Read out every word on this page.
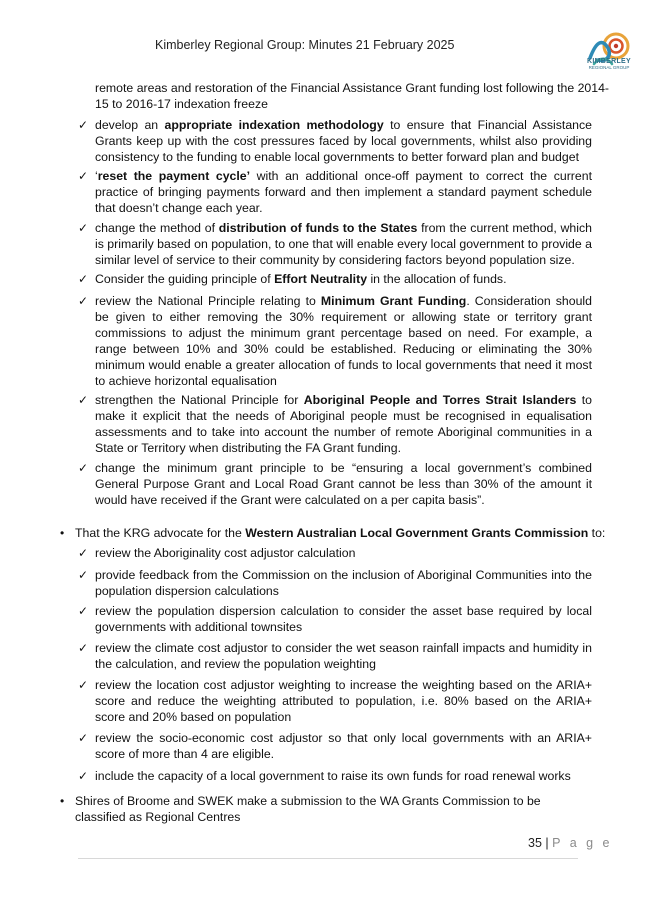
Kimberley Regional Group: Minutes 21 February 2025
KIMBERLEY
REGIONAL GROUP
remote areas and restoration of the Financial Assistance Grant funding lost following the 2014-
15 to 2016-17 indexation freeze
✓ develop an appropriate indexation methodology to ensure that Financial Assistance Grants keep up with the cost pressures faced by local governments, whilst also providing consistency to the funding to enable local governments to better forward plan and budget
✓ ‘reset the payment cycle’ with an additional once-off payment to correct the current practice of bringing payments forward and then implement a standard payment schedule that doesn’t change each year.
✓ change the method of distribution of funds to the States from the current method, which is primarily based on population, to one that will enable every local government to provide a similar level of service to their community by considering factors beyond population size.
✓ Consider the guiding principle of Effort Neutrality in the allocation of funds.
✓ review the National Principle relating to Minimum Grant Funding. Consideration should be given to either removing the 30% requirement or allowing state or territory grant commissions to adjust the minimum grant percentage based on need. For example, a range between 10% and 30% could be established. Reducing or eliminating the 30% minimum would enable a greater allocation of funds to local governments that need it most to achieve horizontal equalisation
✓ strengthen the National Principle for Aboriginal People and Torres Strait Islanders to make it explicit that the needs of Aboriginal people must be recognised in equalisation assessments and to take into account the number of remote Aboriginal communities in a State or Territory when distributing the FA Grant funding.
✓ change the minimum grant principle to be “ensuring a local government’s combined General Purpose Grant and Local Road Grant cannot be less than 30% of the amount it would have received if the Grant were calculated on a per capita basis”.
• That the KRG advocate for the Western Australian Local Government Grants Commission to:
✓ review the Aboriginality cost adjustor calculation
✓ provide feedback from the Commission on the inclusion of Aboriginal Communities into the population dispersion calculations
✓ review the population dispersion calculation to consider the asset base required by local governments with additional townsites
✓ review the climate cost adjustor to consider the wet season rainfall impacts and humidity in the calculation, and review the population weighting
✓ review the location cost adjustor weighting to increase the weighting based on the ARIA+ score and reduce the weighting attributed to population, i.e. 80% based on the ARIA+ score and 20% based on population
✓ review the socio-economic cost adjustor so that only local governments with an ARIA+ score of more than 4 are eligible.
✓ include the capacity of a local government to raise its own funds for road renewal works
• Shires of Broome and SWEK make a submission to the WA Grants Commission to be classified as Regional Centres
35 | P a g e
